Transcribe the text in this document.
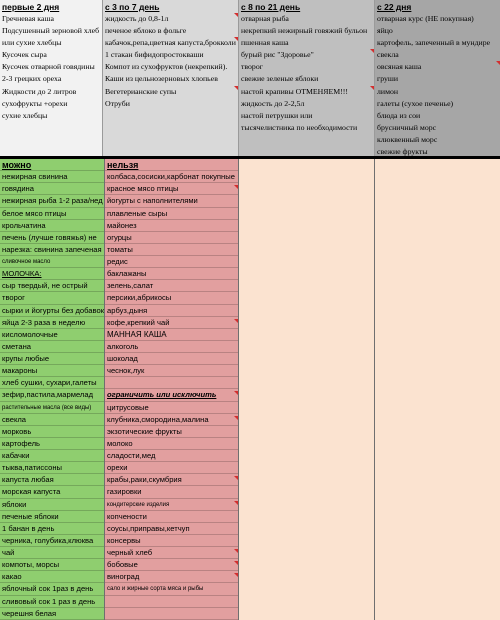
первые 2 дня
Гречневая каша
Подсушенный зерновой хлеб
или сухие хлебцы
Кусочек сыра
Кусочек отварной говядины
2-3 грецких ореха
Жидкости до 2 литров
сухофрукты +орехи
сухие хлебцы
с 3 по 7 день
жидкость до 0,8-1л
печеное яблоко в фольге
кабачок,репа,цветная капуста,брокколи
1 стакан бифидопростокваши
Компот из сухофруктов (некрепкий).
Каши из цельнозерновых хлопьев
Вегетерианские супы
Отруби
с 8 по 21 день
отварная рыба
некрепкий нежирный говяжий бульон
пшенная каша
бурый рис "Здоровье"
творог
свежие зеленые яблоки
настой крапивы ОТМЕНЯЕМ!!!
жидкость до 2-2,5л
настой петрушки или
тысячелистника по необходимости
с 22 дня
отварная курс (НЕ покупная)
яйцо
картофель, запеченный в мундире
свекла
овсяная каша
груши
лимон
галеты (сухое печенье)
блюда из сои
брусничный морс
клюквенный морс
свежие фрукты
можно
нежирная свинина
говядина
нежирная рыба 1-2 раза/нед
белое мясо птицы
крольчатина
печень (лучше говяжья) не
нарезка: свинина запеченая
сливочное масло
МОЛОЧКА:
сыр твердый, не острый
творог
сырки и йогурты без добавок
яйца 2-3 раза в неделю
кисломолочные
сметана
крупы любые
макароны
хлеб сушки, сухари,галеты
зефир,пастила,мармелад
растительные масла (все виды)
свекла
морковь
картофель
кабачки
тыква,патиссоны
капуста любая
морская капуста
яблоки
печеные яблоки
1 банан в день
черника, голубика,клюква
чай
компоты, морсы
какао
яблочный сок 1раз в день
сливовый сок 1 раз в день
черешня белая
нельзя
колбаса,сосиски,карбонат покупные
красное мясо птицы
йогурты с наполнителями
плавленые сыры
майонез
огурцы
томаты
редис
баклажаны
зелень,салат
персики,абрикосы
арбуз,дыня
кофе,крепкий чай
МАННАЯ КАША
алкоголь
шоколад
чеснок,лук
ограничить или исключить
цитрусовые
клубника,смородина,малина
экзотические фрукты
молоко
сладости,мед
орехи
крабы,раки,скумбрия
газировки
кондитерские изделия
копчености
соусы,приправы,кетчуп
консервы
черный хлеб
бобовые
виноград
сало и жирные сорта мяса и рыбы
